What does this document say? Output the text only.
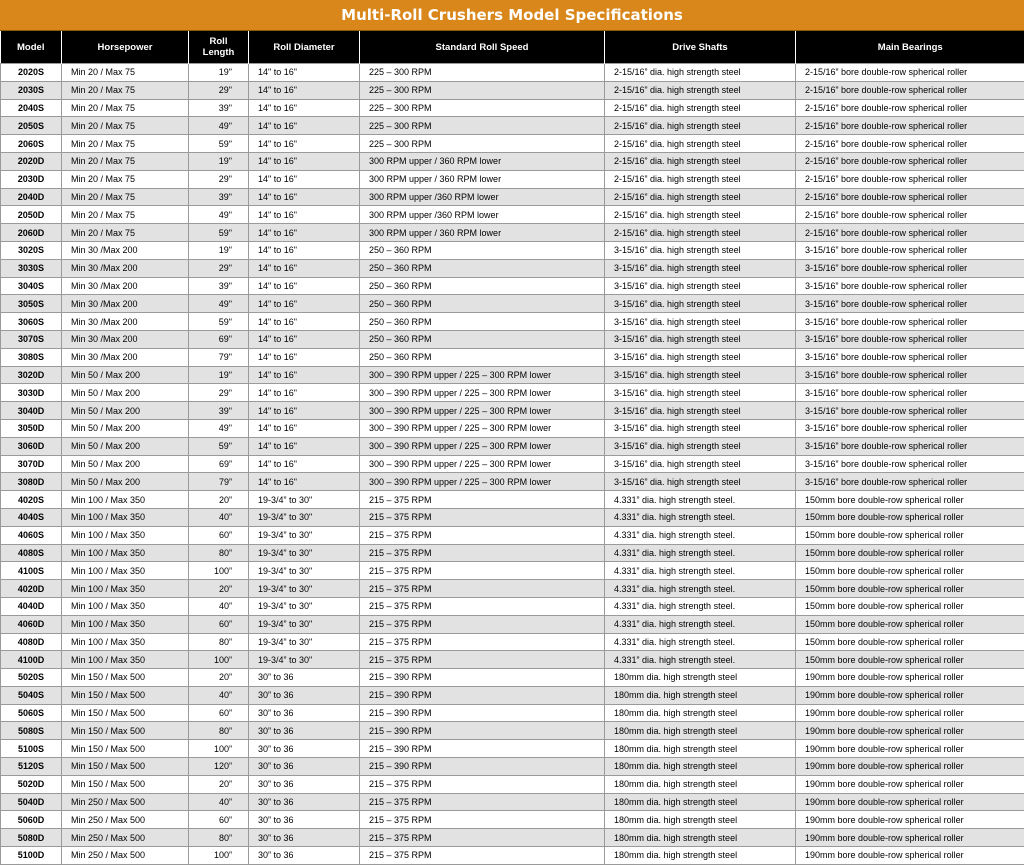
Multi-Roll Crushers Model Specifications
Model	Horsepower	Roll Length	Roll Diameter	Standard Roll Speed	Drive Shafts	Main Bearings
2020S	Min 20 / Max 75	19"	14" to 16"	225 – 300 RPM	2-15/16” dia. high strength steel	2-15/16” bore double-row spherical roller
2030S	Min 20 / Max 75	29"	14" to 16"	225 – 300 RPM	2-15/16” dia. high strength steel	2-15/16” bore double-row spherical roller
2040S	Min 20 / Max 75	39"	14" to 16"	225 – 300 RPM	2-15/16” dia. high strength steel	2-15/16” bore double-row spherical roller
2050S	Min 20 / Max 75	49"	14" to 16"	225 – 300 RPM	2-15/16” dia. high strength steel	2-15/16” bore double-row spherical roller
2060S	Min 20 / Max 75	59"	14" to 16"	225 – 300 RPM	2-15/16” dia. high strength steel	2-15/16” bore double-row spherical roller
2020D	Min 20 / Max 75	19"	14" to 16"	300 RPM upper / 360 RPM lower	2-15/16” dia. high strength steel	2-15/16” bore double-row spherical roller
2030D	Min 20 / Max 75	29"	14" to 16"	300 RPM upper / 360 RPM lower	2-15/16” dia. high strength steel	2-15/16” bore double-row spherical roller
2040D	Min 20 / Max 75	39"	14" to 16"	300 RPM upper /360 RPM lower	2-15/16” dia. high strength steel	2-15/16” bore double-row spherical roller
2050D	Min 20 / Max 75	49"	14" to 16"	300 RPM upper /360 RPM lower	2-15/16” dia. high strength steel	2-15/16” bore double-row spherical roller
2060D	Min 20 / Max 75	59"	14" to 16"	300 RPM upper / 360 RPM lower	2-15/16” dia. high strength steel	2-15/16” bore double-row spherical roller
3020S	Min 30 /Max 200	19"	14" to 16"	250 – 360 RPM	3-15/16” dia. high strength steel	3-15/16” bore double-row spherical roller
3030S	Min 30 /Max 200	29"	14" to 16"	250 – 360 RPM	3-15/16” dia. high strength steel	3-15/16” bore double-row spherical roller
3040S	Min 30 /Max 200	39"	14" to 16"	250 – 360 RPM	3-15/16” dia. high strength steel	3-15/16” bore double-row spherical roller
3050S	Min 30 /Max 200	49"	14" to 16"	250 – 360 RPM	3-15/16” dia. high strength steel	3-15/16” bore double-row spherical roller
3060S	Min 30 /Max 200	59"	14" to 16"	250 – 360 RPM	3-15/16” dia. high strength steel	3-15/16” bore double-row spherical roller
3070S	Min 30 /Max 200	69"	14" to 16"	250 – 360 RPM	3-15/16” dia. high strength steel	3-15/16” bore double-row spherical roller
3080S	Min 30 /Max 200	79"	14" to 16"	250 – 360 RPM	3-15/16” dia. high strength steel	3-15/16” bore double-row spherical roller
3020D	Min 50 / Max 200	19"	14" to 16"	300 – 390 RPM upper / 225 – 300 RPM lower	3-15/16” dia. high strength steel	3-15/16” bore double-row spherical roller
3030D	Min 50 / Max 200	29"	14" to 16"	300 – 390 RPM upper / 225 – 300 RPM lower	3-15/16” dia. high strength steel	3-15/16” bore double-row spherical roller
3040D	Min 50 / Max 200	39"	14" to 16"	300 – 390 RPM upper / 225 – 300 RPM lower	3-15/16” dia. high strength steel	3-15/16” bore double-row spherical roller
3050D	Min 50 / Max 200	49"	14" to 16"	300 – 390 RPM upper / 225 – 300 RPM lower	3-15/16” dia. high strength steel	3-15/16” bore double-row spherical roller
3060D	Min 50 / Max 200	59"	14" to 16"	300 – 390 RPM upper / 225 – 300 RPM lower	3-15/16” dia. high strength steel	3-15/16” bore double-row spherical roller
3070D	Min 50 / Max 200	69”	14" to 16"	300 – 390 RPM upper / 225 – 300 RPM lower	3-15/16” dia. high strength steel	3-15/16” bore double-row spherical roller
3080D	Min 50 / Max 200	79”	14" to 16"	300 – 390 RPM upper / 225 – 300 RPM lower	3-15/16” dia. high strength steel	3-15/16” bore double-row spherical roller
4020S	Min 100 / Max 350	20”	19-3/4” to 30"	215 – 375 RPM	4.331” dia. high strength steel.	150mm bore double-row spherical roller
4040S	Min 100 / Max 350	40”	19-3/4” to 30"	215 – 375 RPM	4.331” dia. high strength steel.	150mm bore double-row spherical roller
4060S	Min 100 / Max 350	60”	19-3/4” to 30"	215 – 375 RPM	4.331” dia. high strength steel.	150mm bore double-row spherical roller
4080S	Min 100 / Max 350	80”	19-3/4” to 30"	215 – 375 RPM	4.331” dia. high strength steel.	150mm bore double-row spherical roller
4100S	Min 100 / Max 350	100”	19-3/4” to 30"	215 – 375 RPM	4.331” dia. high strength steel.	150mm bore double-row spherical roller
4020D	Min 100 / Max 350	20”	19-3/4” to 30"	215 – 375 RPM	4.331” dia. high strength steel.	150mm bore double-row spherical roller
4040D	Min 100 / Max 350	40”	19-3/4” to 30"	215 – 375 RPM	4.331” dia. high strength steel.	150mm bore double-row spherical roller
4060D	Min 100 / Max 350	60”	19-3/4” to 30"	215 – 375 RPM	4.331” dia. high strength steel.	150mm bore double-row spherical roller
4080D	Min 100 / Max 350	80”	19-3/4” to 30"	215 – 375 RPM	4.331” dia. high strength steel.	150mm bore double-row spherical roller
4100D	Min 100 / Max 350	100”	19-3/4” to 30"	215 – 375 RPM	4.331” dia. high strength steel.	150mm bore double-row spherical roller
5020S	Min 150 / Max 500	20”	30” to 36	215 – 390 RPM	180mm dia. high strength steel	190mm bore double-row spherical roller
5040S	Min 150 / Max 500	40”	30” to 36	215 – 390 RPM	180mm dia. high strength steel	190mm bore double-row spherical roller
5060S	Min 150 / Max 500	60”	30” to 36	215 – 390 RPM	180mm dia. high strength steel	190mm bore double-row spherical roller
5080S	Min 150 / Max 500	80”	30” to 36	215 – 390 RPM	180mm dia. high strength steel	190mm bore double-row spherical roller
5100S	Min 150 / Max 500	100”	30” to 36	215 – 390 RPM	180mm dia. high strength steel	190mm bore double-row spherical roller
5120S	Min 150 / Max 500	120”	30” to 36	215 – 390 RPM	180mm dia. high strength steel	190mm bore double-row spherical roller
5020D	Min 150 / Max 500	20”	30” to 36	215 – 375 RPM	180mm dia. high strength steel	190mm bore double-row spherical roller
5040D	Min 250 / Max 500	40”	30” to 36	215 – 375 RPM	180mm dia. high strength steel	190mm bore double-row spherical roller
5060D	Min 250 / Max 500	60”	30” to 36	215 – 375 RPM	180mm dia. high strength steel	190mm bore double-row spherical roller
5080D	Min 250 / Max 500	80”	30” to 36	215 – 375 RPM	180mm dia. high strength steel	190mm bore double-row spherical roller
5100D	Min 250 / Max 500	100”	30” to 36	215 – 375 RPM	180mm dia. high strength steel	190mm bore double-row spherical roller
